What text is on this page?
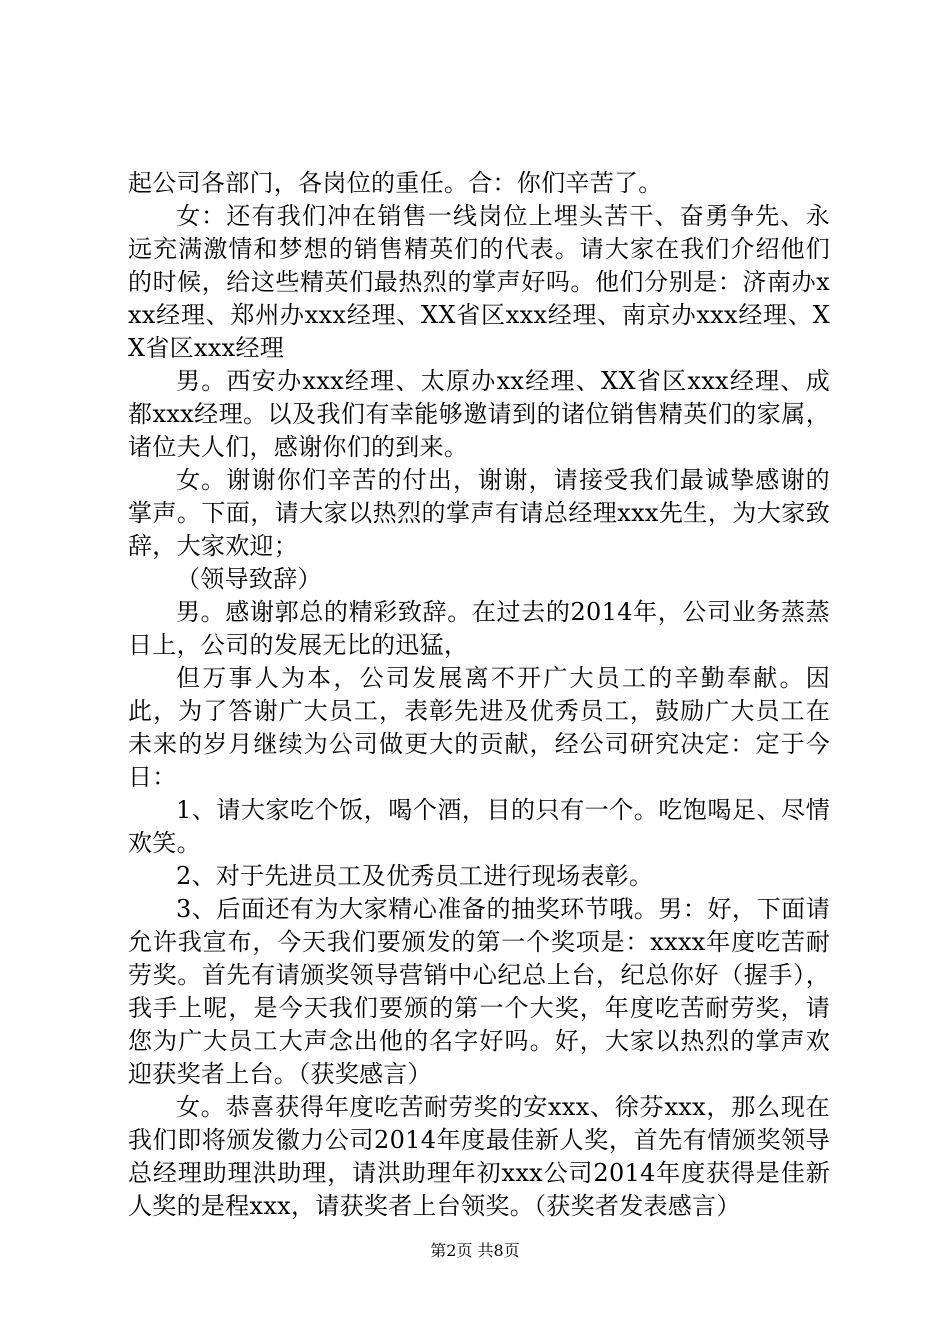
起公司各部门，各岗位的重任。合：你们辛苦了。

女：还有我们冲在销售一线岗位上埋头苦干、奋勇争先、永远充满激情和梦想的销售精英们的代表。请大家在我们介绍他们的时候，给这些精英们最热烈的掌声好吗。他们分别是：济南办xxx经理、郑州办xxx经理、XX省区xxx经理、南京办xxx经理、XX省区xxx经理

男。西安办xxx经理、太原办xx经理、XX省区xxx经理、成都xxx经理。以及我们有幸能够邀请到的诸位销售精英们的家属，诸位夫人们，感谢你们的到来。

女。谢谢你们辛苦的付出，谢谢，请接受我们最诚挚感谢的掌声。下面，请大家以热烈的掌声有请总经理xxx先生，为大家致辞，大家欢迎；

（领导致辞）

男。感谢郭总的精彩致辞。在过去的2014年，公司业务蒸蒸日上，公司的发展无比的迅猛，

但万事人为本，公司发展离不开广大员工的辛勤奉献。因此，为了答谢广大员工，表彰先进及优秀员工，鼓励广大员工在未来的岁月继续为公司做更大的贡献，经公司研究决定：定于今日：

1、请大家吃个饭，喝个酒，目的只有一个。吃饱喝足、尽情欢笑。

2、对于先进员工及优秀员工进行现场表彰。

3、后面还有为大家精心准备的抽奖环节哦。男：好，下面请允许我宣布，今天我们要颁发的第一个奖项是：xxxx年度吃苦耐劳奖。首先有请颁奖领导营销中心纪总上台，纪总你好（握手），我手上呢，是今天我们要颁的第一个大奖，年度吃苦耐劳奖，请您为广大员工大声念出他的名字好吗。好，大家以热烈的掌声欢迎获奖者上台。（获奖感言）

女。恭喜获得年度吃苦耐劳奖的安xxx、徐芬xxx，那么现在我们即将颁发徽力公司2014年度最佳新人奖，首先有情颁奖领导总经理助理洪助理，请洪助理年初xxx公司2014年度获得是佳新人奖的是程xxx，请获奖者上台领奖。（获奖者发表感言）

第2页 共8页
